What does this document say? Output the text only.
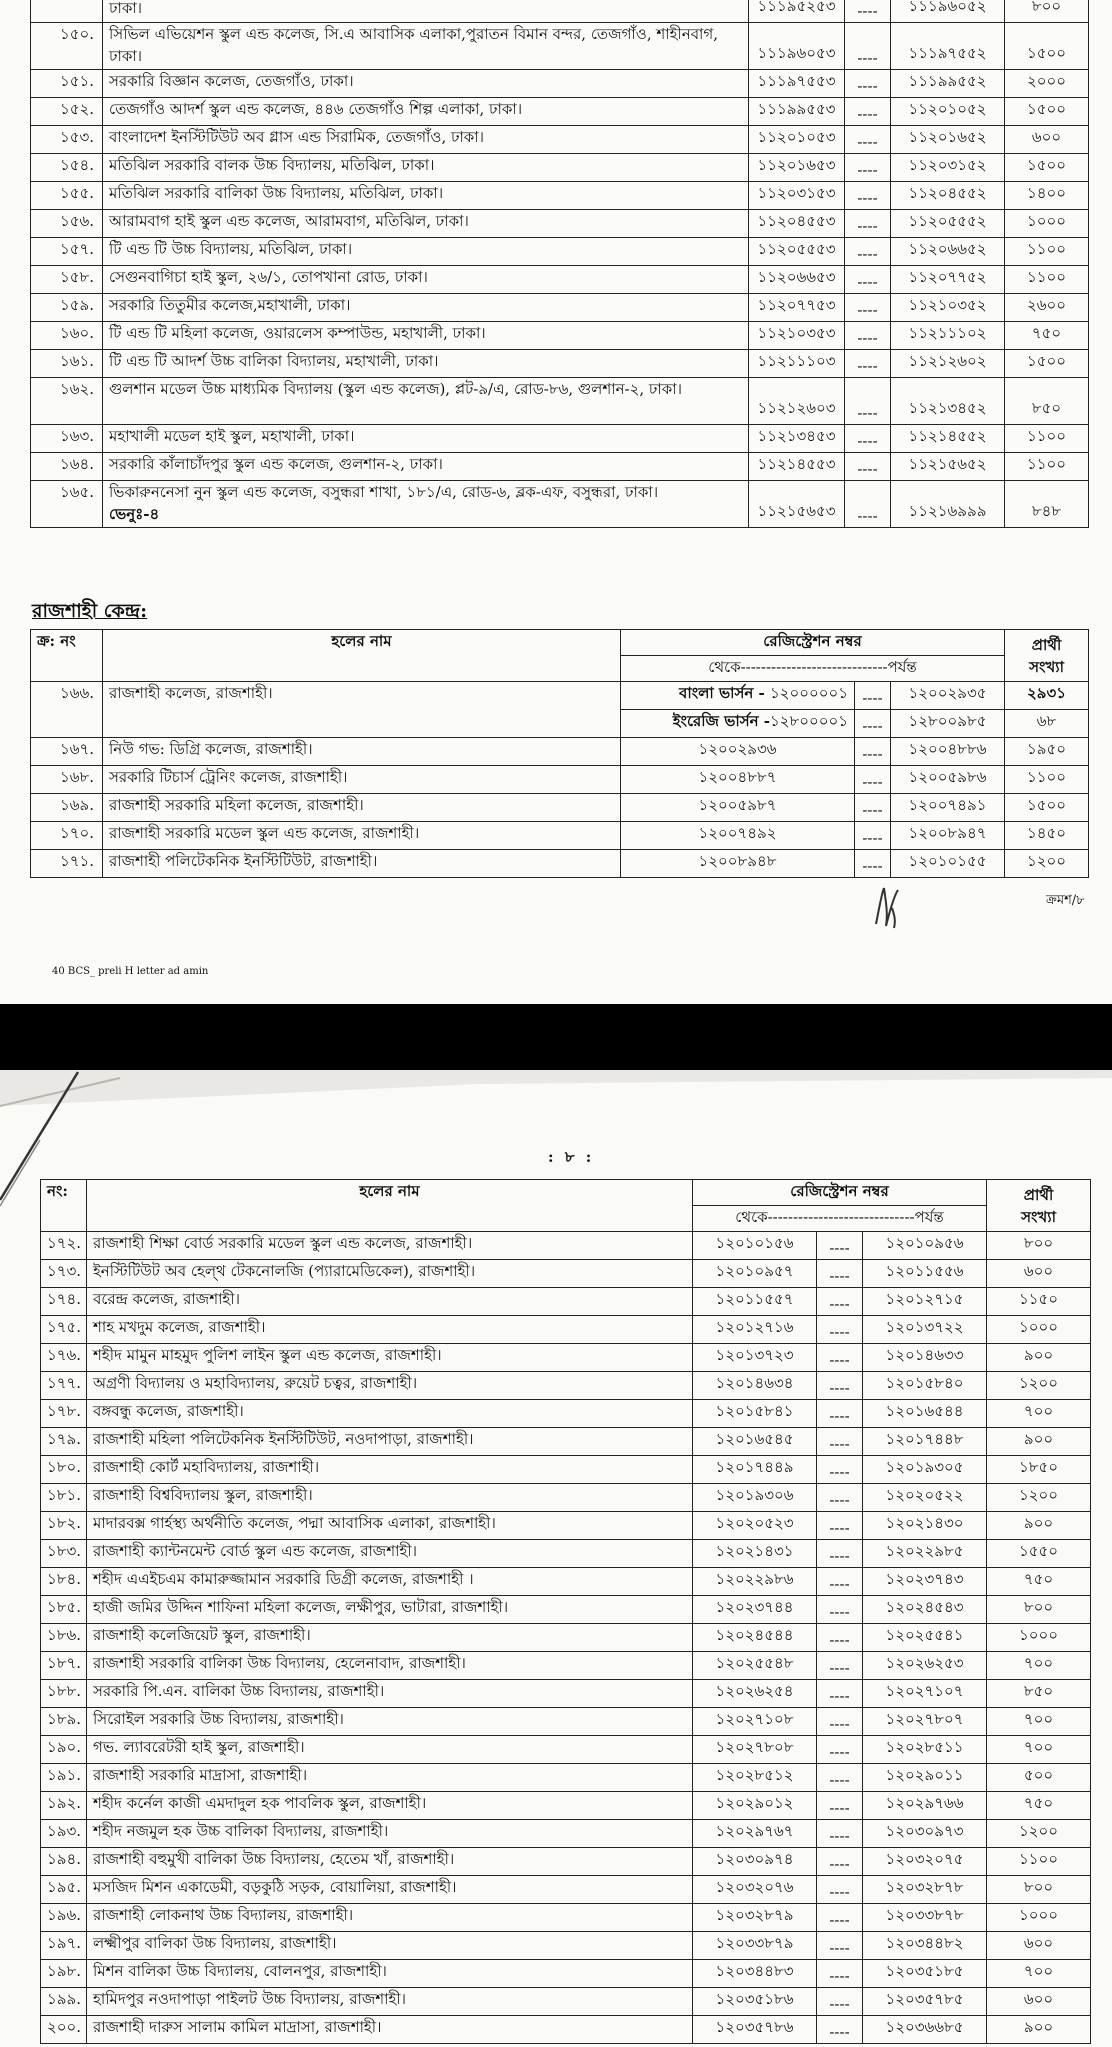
	ঢাকা।	১১১৯৫২৫৩	----	১১১৯৬০৫২	৮০০
১৫০.	সিভিল এভিয়েশন স্কুল এন্ড কলেজ, সি.এ আবাসিক এলাকা,পুরাতন বিমান বন্দর, তেজগাঁও, শাহীনবাগ, ঢাকা।	১১১৯৬০৫৩	----	১১১৯৭৫৫২	১৫০০
১৫১.	সরকারি বিজ্ঞান কলেজ, তেজগাঁও, ঢাকা।	১১১৯৭৫৫৩	----	১১১৯৯৫৫২	২০০০
১৫২.	তেজগাঁও আদর্শ স্কুল এন্ড কলেজ, ৪৪৬ তেজগাঁও শিল্প এলাকা, ঢাকা।	১১১৯৯৫৫৩	----	১১২০১০৫২	১৫০০
১৫৩.	বাংলাদেশ ইনস্টিটিউট অব গ্লাস এন্ড সিরামিক, তেজগাঁও, ঢাকা।	১১২০১০৫৩	----	১১২০১৬৫২	৬০০
১৫৪.	মতিঝিল সরকারি বালক উচ্চ বিদ্যালয়, মতিঝিল, ঢাকা।	১১২০১৬৫৩	----	১১২০৩১৫২	১৫০০
১৫৫.	মতিঝিল সরকারি বালিকা উচ্চ বিদ্যালয়, মতিঝিল, ঢাকা।	১১২০৩১৫৩	----	১১২০৪৫৫২	১৪০০
১৫৬.	আরামবাগ হাই স্কুল এন্ড কলেজ, আরামবাগ, মতিঝিল, ঢাকা।	১১২০৪৫৫৩	----	১১২০৫৫৫২	১০০০
১৫৭.	টি এন্ড টি উচ্চ বিদ্যালয়, মতিঝিল, ঢাকা।	১১২০৫৫৫৩	----	১১২০৬৬৫২	১১০০
১৫৮.	সেগুনবাগিচা হাই স্কুল, ২৬/১, তোপখানা রোড, ঢাকা।	১১২০৬৬৫৩	----	১১২০৭৭৫২	১১০০
১৫৯.	সরকারি তিতুমীর কলেজ,মহাখালী, ঢাকা।	১১২০৭৭৫৩	----	১১২১০৩৫২	২৬০০
১৬০.	টি এন্ড টি মহিলা কলেজ, ওয়ারলেস কম্পাউন্ড, মহাখালী, ঢাকা।	১১২১০৩৫৩	----	১১২১১১০২	৭৫০
১৬১.	টি এন্ড টি আদর্শ উচ্চ বালিকা বিদ্যালয়, মহাখালী, ঢাকা।	১১২১১১০৩	----	১১২১২৬০২	১৫০০
১৬২.	গুলশান মডেল উচ্চ মাধ্যমিক বিদ্যালয় (স্কুল এন্ড কলেজ), প্লট-৯/এ, রোড-৮৬, গুলশান-২, ঢাকা।	১১২১২৬০৩	----	১১২১৩৪৫২	৮৫০
১৬৩.	মহাখালী মডেল হাই স্কুল, মহাখালী, ঢাকা।	১১২১৩৪৫৩	----	১১২১৪৫৫২	১১০০
১৬৪.	সরকারি কাঁলাচাঁদপুর স্কুল এন্ড কলেজ, গুলশান-২, ঢাকা।	১১২১৪৫৫৩	----	১১২১৫৬৫২	১১০০
১৬৫.	ভিকারুননেসা নুন স্কুল এন্ড কলেজ, বসুন্ধরা শাখা, ১৮১/এ, রোড-৬, ব্লক-এফ, বসুন্ধরা, ঢাকা।
ভেনুঃ-৪	১১২১৫৬৫৩	----	১১২১৬৯৯৯	৮৪৮
রাজশাহী কেন্দ্র:
ক্র: নং	হলের নাম	রেজিস্ট্রেশন নম্বর			প্রার্থী
সংখ্যা
		থেকে-----------------------------পর্যন্ত			
১৬৬.	রাজশাহী কলেজ, রাজশাহী।	বাংলা ভার্সন - ১২০০০০০১	----	১২০০২৯৩৫	২৯৩১
		ইংরেজি ভার্সন -১২৮০০০০১	----	১২৮০০৯৮৫	৬৮
১৬৭.	নিউ গভ: ডিগ্রি কলেজ, রাজশাহী।	১২০০২৯৩৬	----	১২০০৪৮৮৬	১৯৫০
১৬৮.	সরকারি টিচার্স ট্রেনিং কলেজ, রাজশাহী।	১২০০৪৮৮৭	----	১২০০৫৯৮৬	১১০০
১৬৯.	রাজশাহী সরকারি মহিলা কলেজ, রাজশাহী।	১২০০৫৯৮৭	----	১২০০৭৪৯১	১৫০০
১৭০.	রাজশাহী সরকারি মডেল স্কুল এন্ড কলেজ, রাজশাহী।	১২০০৭৪৯২	----	১২০০৮৯৪৭	১৪৫০
১৭১.	রাজশাহী পলিটেকনিক ইনস্টিটিউট, রাজশাহী।	১২০০৮৯৪৮	----	১২০১০১৫৫	১২০০
ক্রমশ/৮
40 BCS_ preli H letter ad amin
: ৮ :
নং:	হলের নাম	রেজিস্ট্রেশন নম্বর			প্রার্থী
সংখ্যা
		থেকে-----------------------------পর্যন্ত			
১৭২.	রাজশাহী শিক্ষা বোর্ড সরকারি মডেল স্কুল এন্ড কলেজ, রাজশাহী।	১২০১০১৫৬	----	১২০১০৯৫৬	৮০০
১৭৩.	ইনস্টিটিউট অব হেল্থ টেকনোলজি (প্যারামেডিকেল), রাজশাহী।	১২০১০৯৫৭	----	১২০১১৫৫৬	৬০০
১৭৪.	বরেন্দ্র কলেজ, রাজশাহী।	১২০১১৫৫৭	----	১২০১২৭১৫	১১৫০
১৭৫.	শাহ মখদুম কলেজ, রাজশাহী।	১২০১২৭১৬	----	১২০১৩৭২২	১০০০
১৭৬.	শহীদ মামুন মাহমুদ পুলিশ লাইন স্কুল এন্ড কলেজ, রাজশাহী।	১২০১৩৭২৩	----	১২০১৪৬৩৩	৯০০
১৭৭.	অগ্রণী বিদ্যালয় ও মহাবিদ্যালয়, রুয়েট চত্বর, রাজশাহী।	১২০১৪৬৩৪	----	১২০১৫৮৪০	১২০০
১৭৮.	বঙ্গবন্ধু কলেজ, রাজশাহী।	১২০১৫৮৪১	----	১২০১৬৫৪৪	৭০০
১৭৯.	রাজশাহী মহিলা পলিটেকনিক ইনস্টিটিউট, নওদাপাড়া, রাজশাহী।	১২০১৬৫৪৫	----	১২০১৭৪৪৮	৯০০
১৮০.	রাজশাহী কোর্ট মহাবিদ্যালয়, রাজশাহী।	১২০১৭৪৪৯	----	১২০১৯৩০৫	১৮৫০
১৮১.	রাজশাহী বিশ্ববিদ্যালয় স্কুল, রাজশাহী।	১২০১৯৩০৬	----	১২০২০৫২২	১২০০
১৮২.	মাদারবক্স গার্হস্থ্য অর্থনীতি কলেজ, পদ্মা আবাসিক এলাকা, রাজশাহী।	১২০২০৫২৩	----	১২০২১৪৩০	৯০০
১৮৩.	রাজশাহী ক্যান্টনমেন্ট বোর্ড স্কুল এন্ড কলেজ, রাজশাহী।	১২০২১৪৩১	----	১২০২২৯৮৫	১৫৫০
১৮৪.	শহীদ এএইচএম কামারুজ্জামান সরকারি ডিগ্রী কলেজ, রাজশাহী ।	১২০২২৯৮৬	----	১২০২৩৭৪৩	৭৫০
১৮৫.	হাজী জমির উদ্দিন শাফিনা মহিলা কলেজ, লক্ষীপুর, ভাটারা, রাজশাহী।	১২০২৩৭৪৪	----	১২০২৪৫৪৩	৮০০
১৮৬.	রাজশাহী কলেজিয়েট স্কুল, রাজশাহী।	১২০২৪৫৪৪	----	১২০২৫৫৪১	১০০০
১৮৭.	রাজশাহী সরকারি বালিকা উচ্চ বিদ্যালয়, হেলেনাবাদ, রাজশাহী।	১২০২৫৫৪৮	----	১২০২৬২৫৩	৭০০
১৮৮.	সরকারি পি.এন. বালিকা উচ্চ বিদ্যালয়, রাজশাহী।	১২০২৬২৫৪	----	১২০২৭১০৭	৮৫০
১৮৯.	সিরোইল সরকারি উচ্চ বিদ্যালয়, রাজশাহী।	১২০২৭১০৮	----	১২০২৭৮০৭	৭০০
১৯০.	গভ. ল্যাবরেটরী হাই স্কুল, রাজশাহী।	১২০২৭৮০৮	----	১২০২৮৫১১	৭০০
১৯১.	রাজশাহী সরকারি মাদ্রাসা, রাজশাহী।	১২০২৮৫১২	----	১২০২৯০১১	৫০০
১৯২.	শহীদ কর্নেল কাজী এমদাদুল হক পাবলিক স্কুল, রাজশাহী।	১২০২৯০১২	----	১২০২৯৭৬৬	৭৫০
১৯৩.	শহীদ নজমুল হক উচ্চ বালিকা বিদ্যালয়, রাজশাহী।	১২০২৯৭৬৭	----	১২০৩০৯৭৩	১২০০
১৯৪.	রাজশাহী বহুমুখী বালিকা উচ্চ বিদ্যালয়, হেতেম খাঁ, রাজশাহী।	১২০৩০৯৭৪	----	১২০৩২০৭৫	১১০০
১৯৫.	মসজিদ মিশন একাডেমী, বড়কুঠি সড়ক, বোয়ালিয়া, রাজশাহী।	১২০৩২০৭৬	----	১২০৩২৮৭৮	৮০০
১৯৬.	রাজশাহী লোকনাথ উচ্চ বিদ্যালয়, রাজশাহী।	১২০৩২৮৭৯	----	১২০৩৩৮৭৮	১০০০
১৯৭.	লক্ষ্মীপুর বালিকা উচ্চ বিদ্যালয়, রাজশাহী।	১২০৩৩৮৭৯	----	১২০৩৪৪৮২	৬০০
১৯৮.	মিশন বালিকা উচ্চ বিদ্যালয়, বোলনপুর, রাজশাহী।	১২০৩৪৪৮৩	----	১২০৩৫১৮৫	৭০০
১৯৯.	হামিদপুর নওদাপাড়া পাইলট উচ্চ বিদ্যালয়, রাজশাহী।	১২০৩৫১৮৬	----	১২০৩৫৭৮৫	৬০০
২০০.	রাজশাহী দারুস সালাম কামিল মাদ্রাসা, রাজশাহী।	১২০৩৫৭৮৬	----	১২০৩৬৬৮৫	৯০০
